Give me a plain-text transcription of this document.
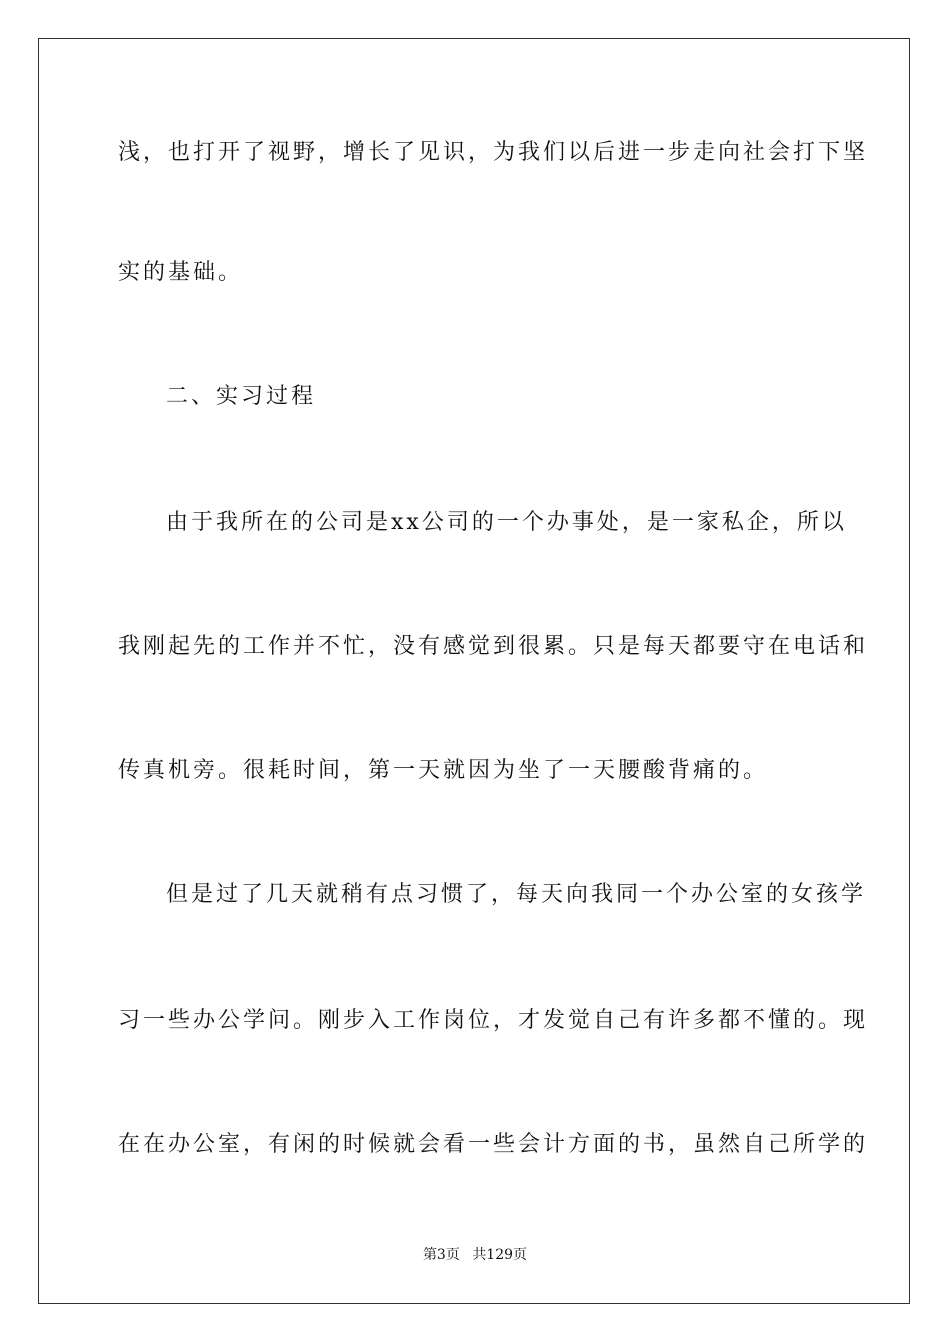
浅，也打开了视野，增长了见识，为我们以后进一步走向社会打下坚
实的基础。
二、实习过程
由于我所在的公司是xx公司的一个办事处，是一家私企，所以
我刚起先的工作并不忙，没有感觉到很累。只是每天都要守在电话和
传真机旁。很耗时间，第一天就因为坐了一天腰酸背痛的。
但是过了几天就稍有点习惯了，每天向我同一个办公室的女孩学
习一些办公学问。刚步入工作岗位，才发觉自己有许多都不懂的。现
在在办公室，有闲的时候就会看一些会计方面的书，虽然自己所学的
第3页 共129页
